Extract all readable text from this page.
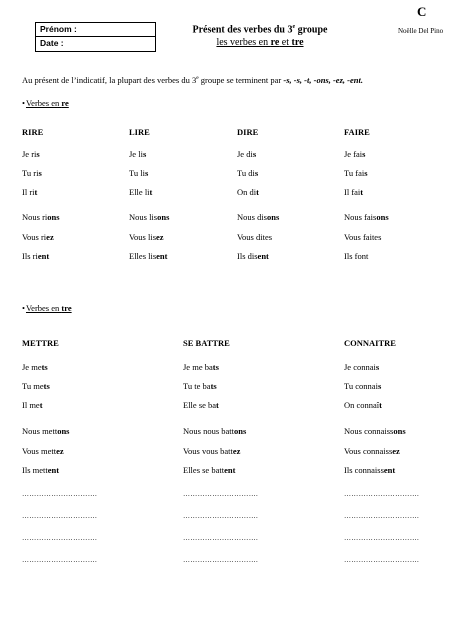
Prénom :
Date :
Présent des verbes du 3e groupe
les verbes en re et tre
C
Noëlle Del Pino
Au présent de l’indicatif, la plupart des verbes du 3e groupe se terminent par -s, -s, -t, -ons, -ez, -ent.
•Verbes en re
RIRE
Je ris
Tu ris
Il rit
Nous rions
Vous riez
Ils rient
LIRE
Je lis
Tu lis
Elle lit
Nous lisons
Vous lisez
Elles lisent
DIRE
Je dis
Tu dis
On dit
Nous disons
Vous dites
Ils disent
FAIRE
Je fais
Tu fais
Il fait
Nous faisons
Vous faites
Ils font
•Verbes en tre
METTRE
Je mets
Tu mets
Il met
Nous mettons
Vous mettez
Ils mettent
SE BATTRE
Je me bats
Tu te bats
Elle se bat
Nous nous battons
Vous vous battez
Elles se battent
CONNAITRE
Je connais
Tu connais
On connaît
Nous connaissons
Vous connaissez
Ils connaissent
………………………….
………………………….
………………………….
………………………….
………………………….
………………………….
………………………….
………………………….
………………………….
………………………….
………………………….
………………………….
